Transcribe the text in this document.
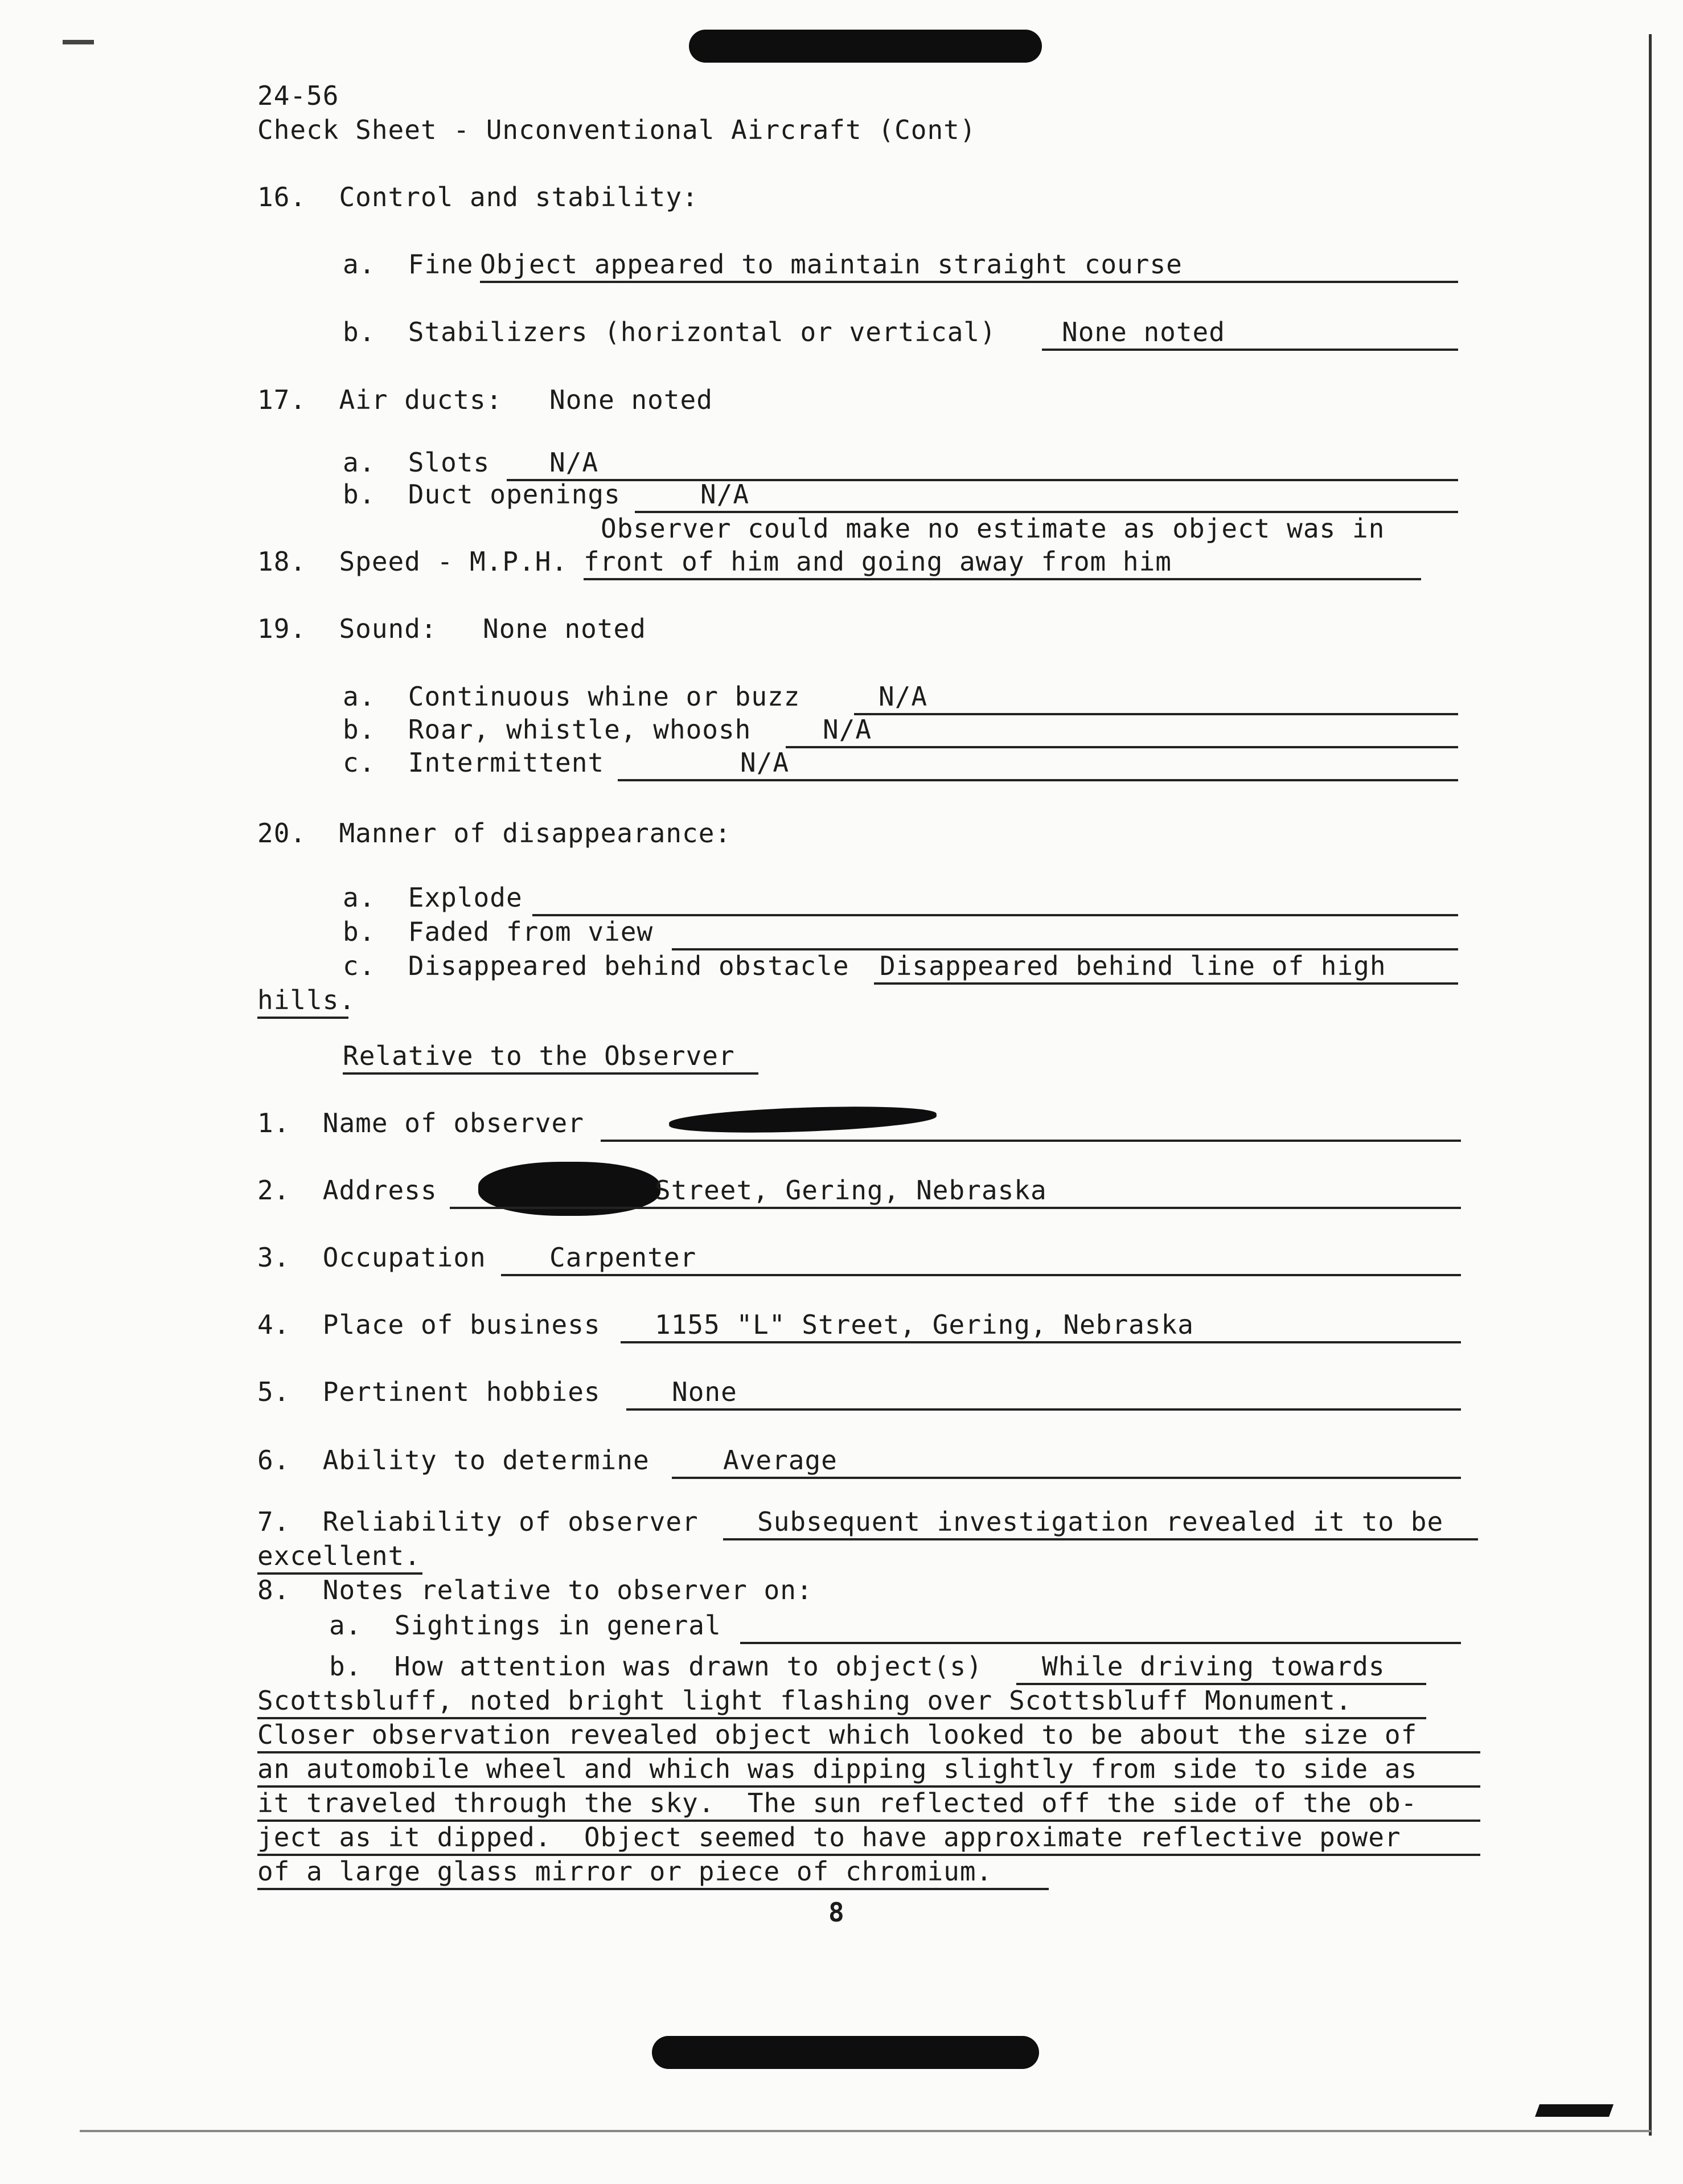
24-56
Check Sheet - Unconventional Aircraft (Cont)
16.  Control and stability:
a.  Fine Object appeared to maintain straight course
b.  Stabilizers (horizontal or vertical)	None noted
17.  Air ducts: None noted
a.  Slots N/A
b.  Duct openings	N/A
Observer could make no estimate as object was in
18.  Speed - M.P.H. front of him and going away from him
19.  Sound: None noted
a.  Continuous whine or buzz	N/A
b.  Roar, whistle, whoosh	N/A
c.  Intermittent	N/A
20.  Manner of disappearance:
a.  Explode
b.  Faded from view
c.  Disappeared behind obstacle Disappeared behind line of high
hills.
Relative to the Observer
1.  Name of observer
2.  Address	Street, Gering, Nebraska
3.  Occupation Carpenter
4.  Place of business 1155 "L" Street, Gering, Nebraska
5.  Pertinent hobbies	None
6.  Ability to determine	Average
7.  Reliability of observer Subsequent investigation revealed it to be
excellent.
8.  Notes relative to observer on:
a.  Sightings in general
b.  How attention was drawn to object(s) While driving towards
Scottsbluff, noted bright light flashing over Scottsbluff Monument.
Closer observation revealed object which looked to be about the size of
an automobile wheel and which was dipping slightly from side to side as
it traveled through the sky.  The sun reflected off the side of the ob-
ject as it dipped.  Object seemed to have approximate reflective power
of a large glass mirror or piece of chromium.
8
